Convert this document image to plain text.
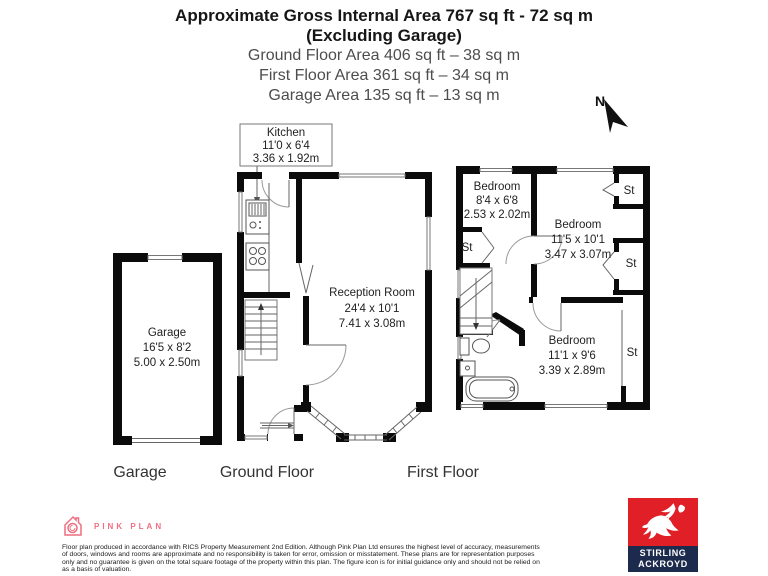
Approximate Gross Internal Area 767 sq ft - 72 sq m
(Excluding Garage)
Ground Floor Area 406 sq ft – 38 sq m
First Floor Area 361 sq ft – 34 sq m
Garage Area 135 sq ft – 13 sq m	N
Garage
16'5 x 8'2
5.00 x 2.50m
Kitchen
11'0 x 6'4
3.36 x 1.92m
Reception Room
24'4 x 10'1
7.41 x 3.08m
Bedroom
8'4 x 6'8
2.53 x 2.02m
Bedroom
11'5 x 10'1
3.47 x 3.07m
Bedroom
11'1 x 9'6
3.39 x 2.89m
St
St
St
St
Garage	Ground Floor	First Floor
PINK PLAN
Floor plan produced in accordance with RICS Property Measurement 2nd Edition. Although Pink Plan Ltd ensures the highest level of accuracy, measurements of doors, windows and rooms are approximate and no responsibility is taken for error, omission or misstatement. These plans are for representation purposes only and no guarantee is given on the total square footage of the property within this plan. The figure icon is for initial guidance only and should not be relied on as a basis of valuation.
STIRLING
ACKROYD
